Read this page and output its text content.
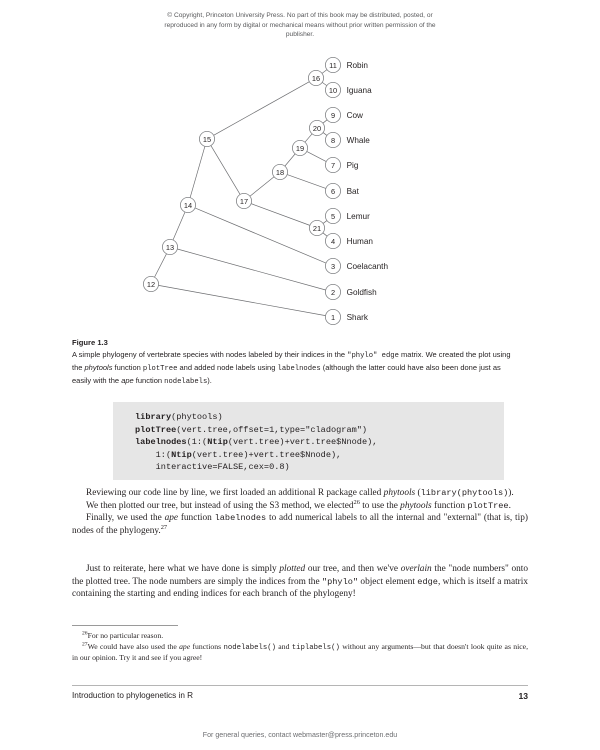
© Copyright, Princeton University Press. No part of this book may be distributed, posted, or reproduced in any form by digital or mechanical means without prior written permission of the publisher.
12
13
14
15
16
17
18
19
20
21
11 Robin
10 Iguana
9 Cow
8 Whale
7 Pig
6 Bat
5 Lemur
4 Human
3 Coelacanth
2 Goldfish
1 Shark
Figure 1.3
A simple phylogeny of vertebrate species with nodes labeled by their indices in the "phylo" edge matrix. We created the plot using the phytools function plotTree and added node labels using labelnodes (although the latter could have also been done just as easily with the ape function nodelabels).
library(phytools)
plotTree(vert.tree,offset=1,type="cladogram")
labelnodes(1:(Ntip(vert.tree)+vert.tree$Nnode),
1:(Ntip(vert.tree)+vert.tree$Nnode),
interactive=FALSE,cex=0.8)

Reviewing our code line by line, we first loaded an additional R package called phytools (library(phytools)).

We then plotted our tree, but instead of using the S3 method, we elected$^{26}$ to use the phytools function plotTree.

Finally, we used the ape function labelnodes to add numerical labels to all the internal and "external" (that is, tip) nodes of the phylogeny.$^{27}$

Just to reiterate, here what we have done is simply plotted our tree, and then we've overlain the "node numbers" onto the plotted tree. The node numbers are simply the indices from the "phylo" object element edge, which is itself a matrix containing the starting and ending indices for each branch of the phylogeny!

$^{26}$For no particular reason.

$^{27}$We could have also used the ape functions nodelabels() and tiplabels() without any arguments—but that doesn't look quite as nice, in our opinion. Try it and see if you agree!

Introduction to phylogenetics in R	13
For general queries, contact webmaster@press.princeton.edu
